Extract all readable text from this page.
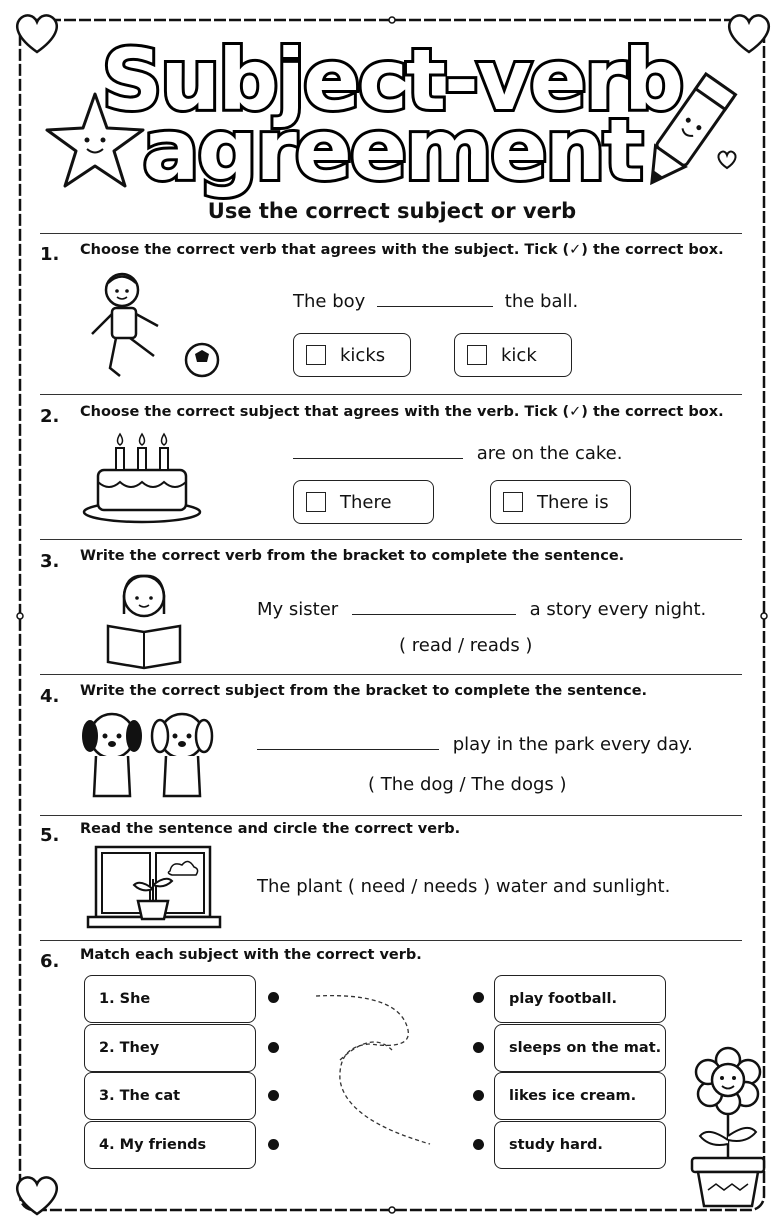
Subject-verb
agreement
Use the correct subject or verb
1. Choose the correct verb that agrees with the subject. Tick (✓) the correct box.
The boy	the ball.
kicks	kick
2. Choose the correct subject that agrees with the verb. Tick (✓) the correct box.
are on the cake.
There	There is
3. Write the correct verb from the bracket to complete the sentence.
My sister	a story every night.
( read / reads )
4. Write the correct subject from the bracket to complete the sentence.
play in the park every day.
( The dog / The dogs )
5. Read the sentence and circle the correct verb.
The plant ( need / needs ) water and sunlight.
6. Match each subject with the correct verb.
1. She
2. They
3. The cat
4. My friends
play football.
sleeps on the mat.
likes ice cream.
study hard.
